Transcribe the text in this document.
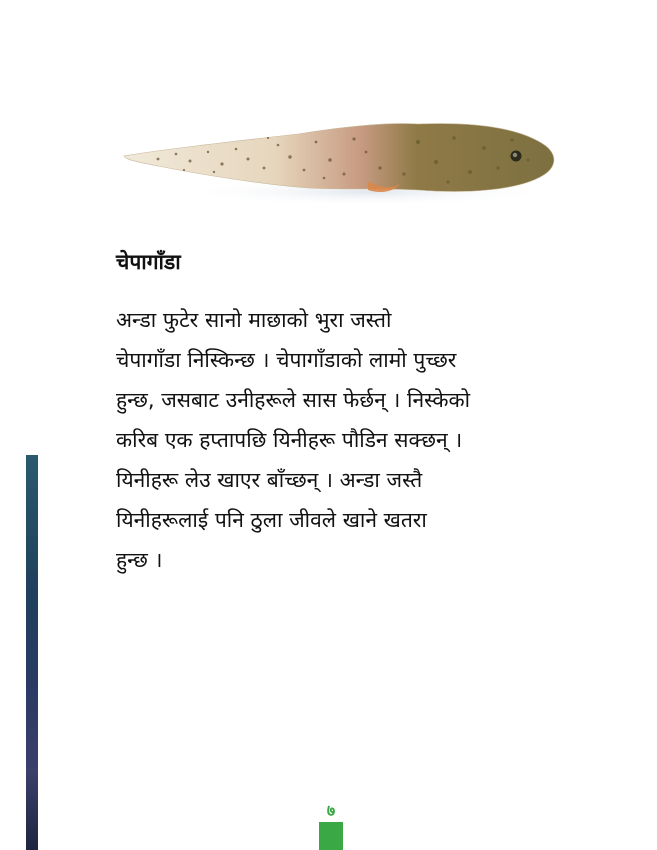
चेपागाँडा
अन्डा फुटेर सानो माछाको भुरा जस्तो
चेपागाँडा निस्किन्छ । चेपागाँडाको लामो पुच्छर
हुन्छ, जसबाट उनीहरूले सास फेर्छन् । निस्केको
करिब एक हप्तापछि यिनीहरू पौडिन सक्छन् ।
यिनीहरू लेउ खाएर बाँच्छन् । अन्डा जस्तै
यिनीहरूलाई पनि ठुला जीवले खाने खतरा
हुन्छ ।
७
